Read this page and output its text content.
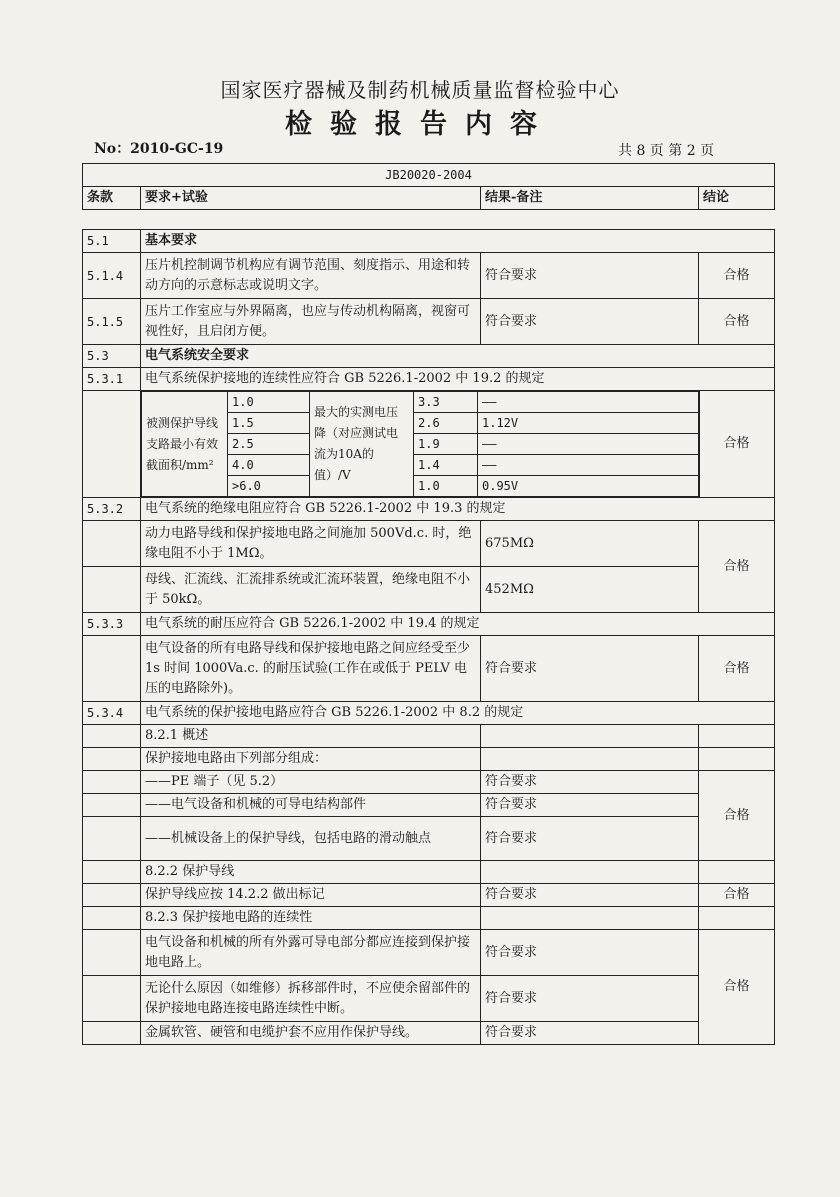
国家医疗器械及制药机械质量监督检验中心
检验报告内容
No：2010-GC-19	共 8 页 第 2 页
JB20020-2004
条款	要求+试验	结果-备注	结论
5.1	基本要求
5.1.4	压片机控制调节机构应有调节范围、刻度指示、用途和转动方向的示意标志或说明文字。	符合要求	合格
5.1.5	压片工作室应与外界隔离，也应与传动机构隔离，视窗可视性好，且启闭方便。	符合要求	合格
5.3	电气系统安全要求
5.3.1	电气系统保护接地的连续性应符合 GB 5226.1-2002 中 19.2 的规定

被测保护导线支路最小有效截面积/mm²	1.0	最大的实测电压降（对应测试电流为10A的值）/V	3.3	——
1.5	2.6	1.12V
2.5	1.9	——
4.0	1.4	——
>6.0	1.0	0.95V
	合格
5.3.2	电气系统的绝缘电阻应符合 GB 5226.1-2002 中 19.3 的规定
	动力电路导线和保护接地电路之间施加 500Vd.c. 时，绝缘电阻不小于 1MΩ。	675MΩ	合格
	母线、汇流线、汇流排系统或汇流环装置，绝缘电阻不小于 50kΩ。	452MΩ
5.3.3	电气系统的耐压应符合 GB 5226.1-2002 中 19.4 的规定
	电气设备的所有电路导线和保护接地电路之间应经受至少 1s 时间 1000Va.c. 的耐压试验(工作在或低于 PELV 电压的电路除外)。	符合要求	合格
5.3.4	电气系统的保护接地电路应符合 GB 5226.1-2002 中 8.2 的规定
	8.2.1 概述		
	保护接地电路由下列部分组成：		
	——PE 端子（见 5.2）	符合要求	合格
	——电气设备和机械的可导电结构部件	符合要求
	——机械设备上的保护导线，包括电路的滑动触点	符合要求
	8.2.2 保护导线		
	保护导线应按 14.2.2 做出标记	符合要求	合格
	8.2.3 保护接地电路的连续性		
	电气设备和机械的所有外露可导电部分都应连接到保护接地电路上。	符合要求	合格
	无论什么原因（如维修）拆移部件时，不应使余留部件的保护接地电路连接电路连续性中断。	符合要求
	金属软管、硬管和电缆护套不应用作保护导线。	符合要求
